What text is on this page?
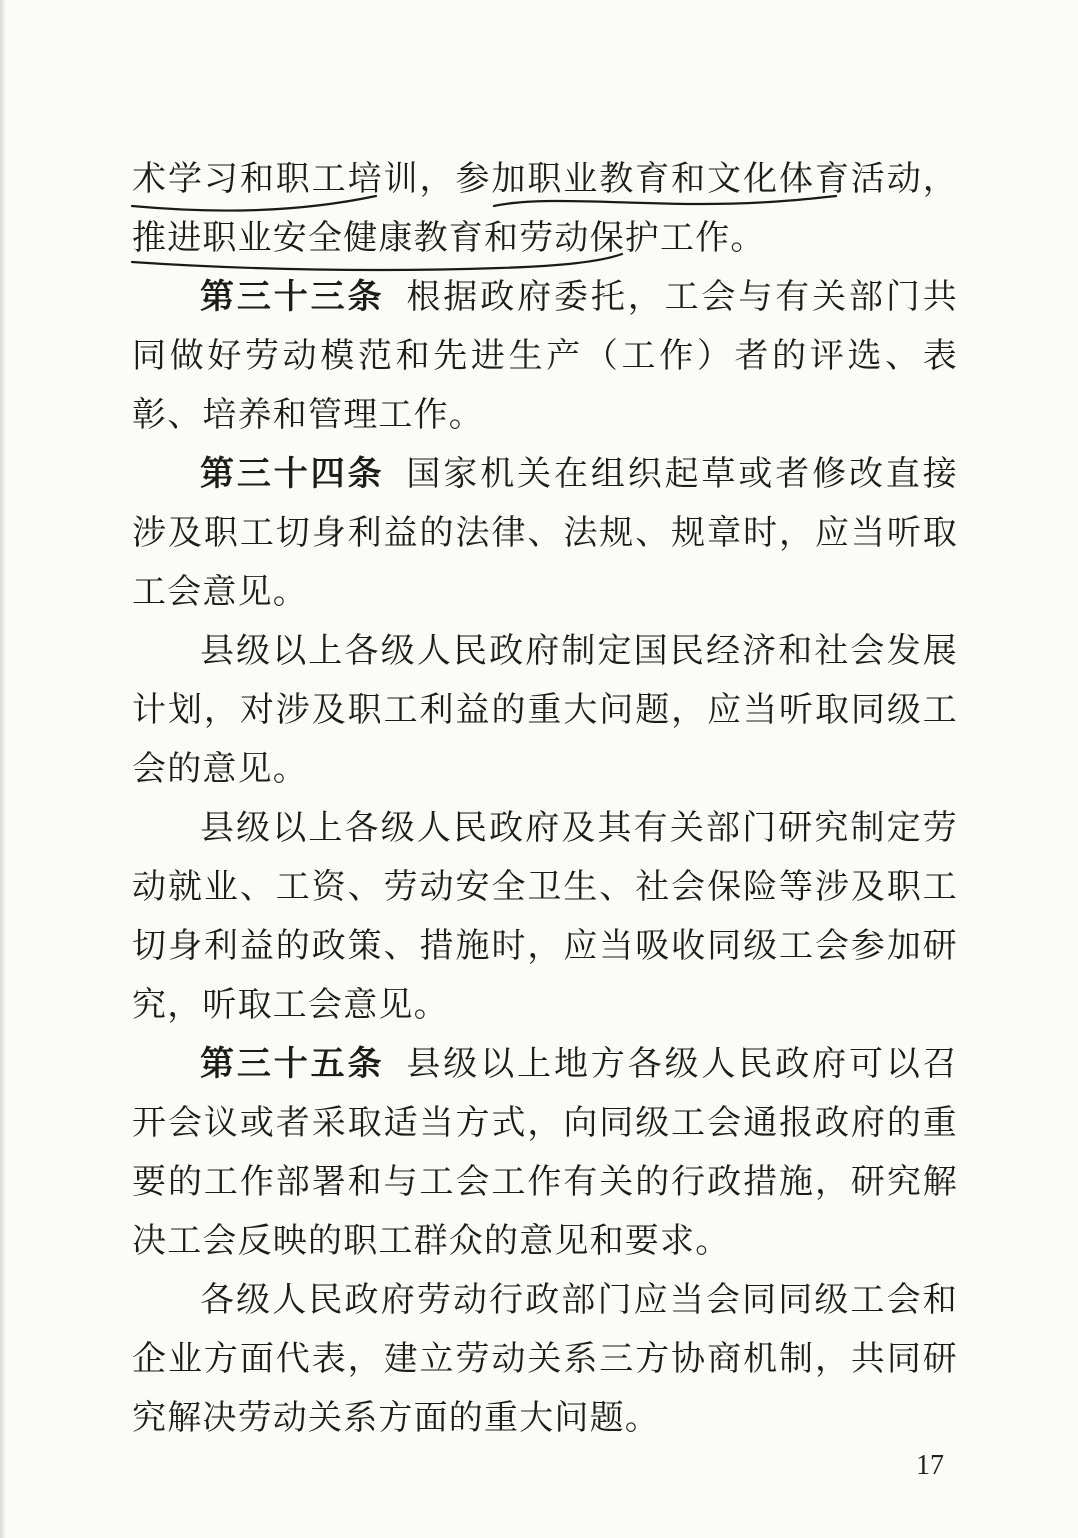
术学习和职工培训，参加职业教育和文化体育活动，推进职业安全健康教育和劳动保护工作。

第三十三条 根据政府委托，工会与有关部门共同做好劳动模范和先进生产（工作）者的评选、表彰、培养和管理工作。

第三十四条 国家机关在组织起草或者修改直接涉及职工切身利益的法律、法规、规章时，应当听取工会意见。

县级以上各级人民政府制定国民经济和社会发展计划，对涉及职工利益的重大问题，应当听取同级工会的意见。

县级以上各级人民政府及其有关部门研究制定劳动就业、工资、劳动安全卫生、社会保险等涉及职工切身利益的政策、措施时，应当吸收同级工会参加研究，听取工会意见。

第三十五条 县级以上地方各级人民政府可以召开会议或者采取适当方式，向同级工会通报政府的重要的工作部署和与工会工作有关的行政措施，研究解决工会反映的职工群众的意见和要求。

各级人民政府劳动行政部门应当会同同级工会和企业方面代表，建立劳动关系三方协商机制，共同研究解决劳动关系方面的重大问题。

17
